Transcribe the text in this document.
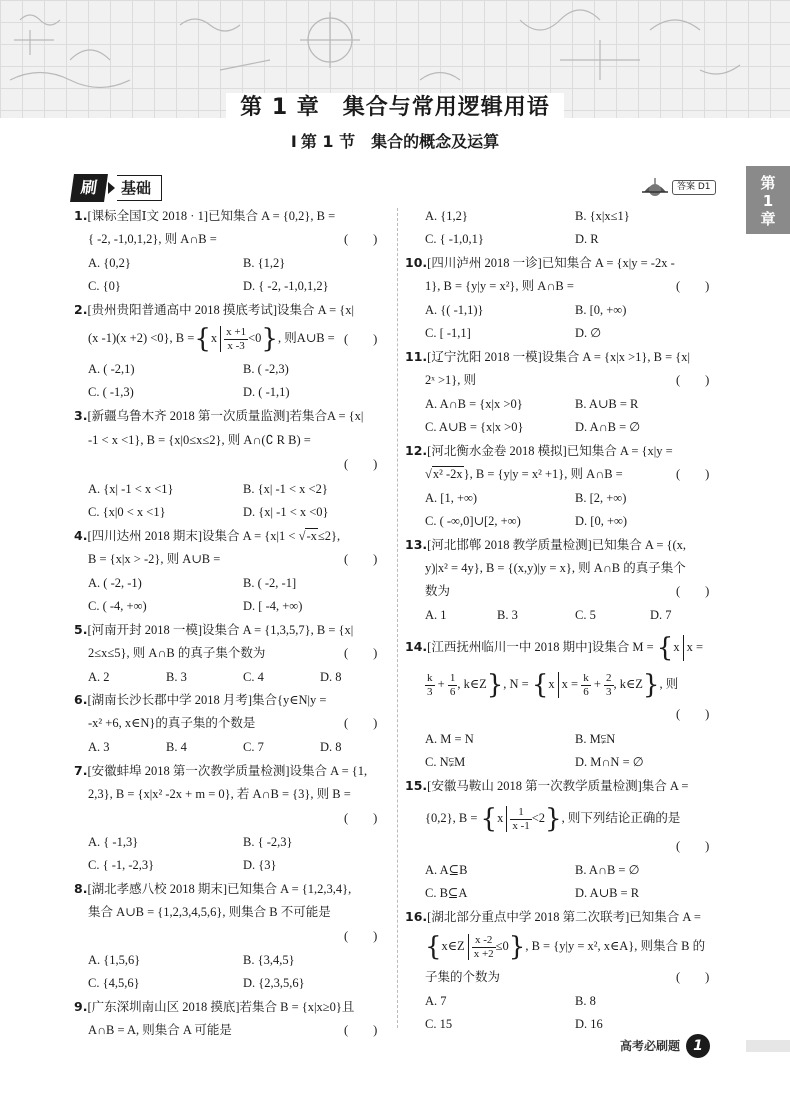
第 1 章　集合与常用逻辑用语
I 第 1 节　集合的概念及运算
第
1
章
刷	基础	答案 D1
1.[课标全国Ⅰ文 2018 · 1]已知集合 A = {0,2}, B =
{ -2, -1,0,1,2}, 则 A∩B =	(　　)
A. {0,2}	B. {1,2}
C. {0}	D. { -2, -1,0,1,2}
2.[贵州贵阳普通高中 2018 摸底考试]设集合 A = {x|
(x -1)(x +2) <0}, $B =\{x \frac{x +1}{x -3} <0\}$, 则A∪B = (　　)
A. ( -2,1)	B. ( -2,3)
C. ( -1,3)	D. ( -1,1)
3.[新疆乌鲁木齐 2018 第一次质量监测]若集合A = {x|
-1 < x <1}, B = {x|0≤x≤2}, 则 A∩(∁ R B) =
(　　)
A. {x| -1 < x <1}	B. {x| -1 < x <2}
C. {x|0 < x <1}	D. {x| -1 < x <0}
4.[四川达州 2018 期末]设集合 A = {x|1 < √-x≤2},
B = {x|x > -2}, 则 A∪B =	(　　)
A. ( -2, -1)	B. ( -2, -1]
C. ( -4, +∞)	D. [ -4, +∞)
5.[河南开封 2018 一模]设集合 A = {1,3,5,7}, B = {x|
2≤x≤5}, 则 A∩B 的真子集个数为	(　　)
A. 2	B. 3	C. 4	D. 8
6.[湖南长沙长郡中学 2018 月考]集合{y∈N|y =
-x² +6, x∈N}的真子集的个数是	(　　)
A. 3	B. 4	C. 7	D. 8
7.[安徽蚌埠 2018 第一次教学质量检测]设集合 A = {1,
2,3}, B = {x|x² -2x + m = 0}, 若 A∩B = {3}, 则 B =
(　　)
A. { -1,3}	B. { -2,3}
C. { -1, -2,3}	D. {3}
8.[湖北孝感八校 2018 期末]已知集合 A = {1,2,3,4},
集合 A∪B = {1,2,3,4,5,6}, 则集合 B 不可能是
(　　)
A. {1,5,6}	B. {3,4,5}
C. {4,5,6}	D. {2,3,5,6}
9.[广东深圳南山区 2018 摸底]若集合 B = {x|x≥0}且
A∩B = A, 则集合 A 可能是	(　　)
A. {1,2}	B. {x|x≤1}
C. { -1,0,1}	D. R
10.[四川泸州 2018 一诊]已知集合 A = {x|y = -2x -
1}, B = {y|y = x²}, 则 A∩B =	(　　)
A. {( -1,1)}	B. [0, +∞)
C. [ -1,1]	D. ∅
11.[辽宁沈阳 2018 一模]设集合 A = {x|x >1}, B = {x|
2ˣ >1}, 则	(　　)
A. A∩B = {x|x >0}	B. A∪B = R
C. A∪B = {x|x >0}	D. A∩B = ∅
12.[河北衡水金卷 2018 模拟]已知集合 A = {x|y =
√x² -2x}, B = {y|y = x² +1}, 则 A∩B =	(　　)
A. [1, +∞)	B. [2, +∞)
C. ( -∞,0]∪[2, +∞)	D. [0, +∞)
13.[河北邯郸 2018 教学质量检测]已知集合 A = {(x,
y)|x² = 4y}, B = {(x,y)|y = x}, 则 A∩B 的真子集个
数为	(　　)
A. 1	B. 3	C. 5	D. 7
14.[江西抚州临川一中 2018 期中]设集合 M = {x x =
$\frac{k}{3} + \frac{1}{6}$ , k∈Z}, N = {x $x = \frac{k}{6} + \frac{2}{3}$ , k∈Z}, 则
(　　)
A. M = N	B. M⫋N
C. N⫋M	D. M∩N = ∅
15.[安徽马鞍山 2018 第一次教学质量检测]集合 A =
{0,2}, $B = \{x \frac{1}{x -1} <2\}$, 则下列结论正确的是
(　　)
A. A⊆B	B. A∩B = ∅
C. B⊆A	D. A∪B = R
16.[湖北部分重点中学 2018 第二次联考]已知集合 A =
{x∈Z $\frac{x -2}{x +2} \le 0$}, B = {y|y = x², x∈A}, 则集合 B 的
子集的个数为	(　　)
A. 7	B. 8
C. 15	D. 16
高考必刷题 1
